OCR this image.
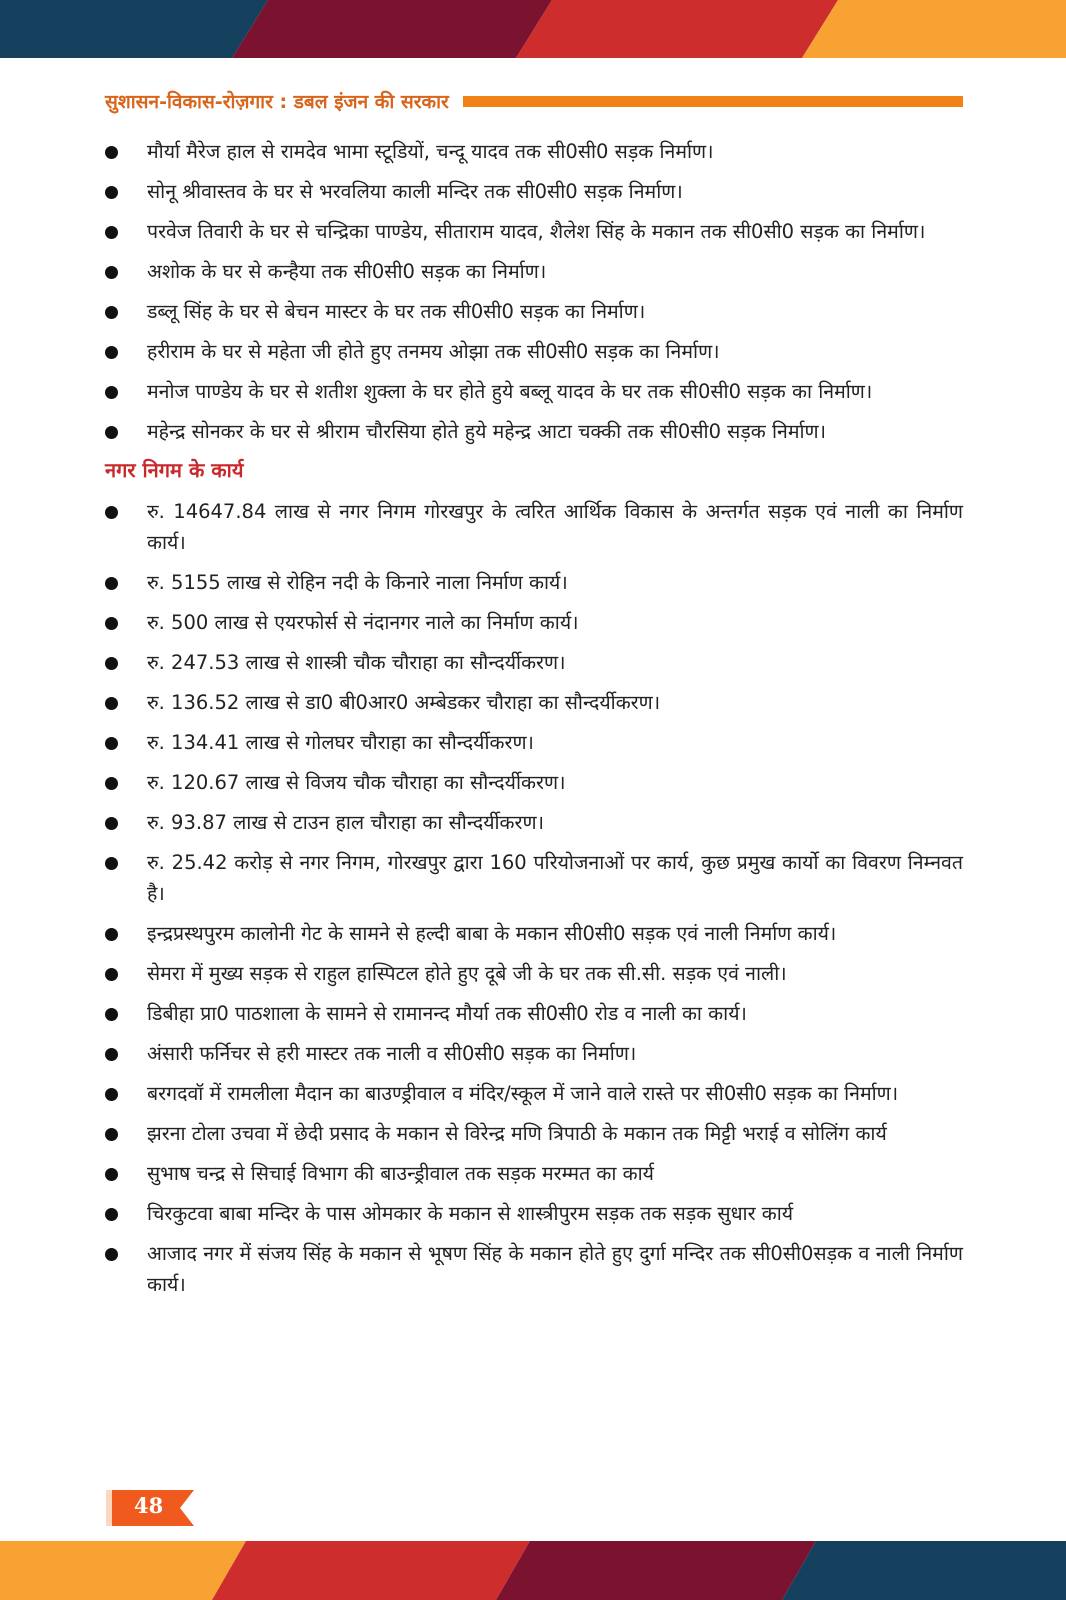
सुशासन-विकास-रोज़गार : डबल इंजन की सरकार
मौर्या मैरेज हाल से रामदेव भामा स्टूडियों, चन्दू यादव तक सी0सी0 सड़क निर्माण।
सोनू श्रीवास्तव के घर से भरवलिया काली मन्दिर तक सी0सी0 सड़क निर्माण।
परवेज तिवारी के घर से चन्द्रिका पाण्डेय, सीताराम यादव, शैलेश सिंह के मकान तक सी0सी0 सड़क का निर्माण।
अशोक के घर से कन्हैया तक सी0सी0 सड़क का निर्माण।
डब्लू सिंह के घर से बेचन मास्टर के घर तक सी0सी0 सड़क का निर्माण।
हरीराम के घर से महेता जी होते हुए तनमय ओझा तक सी0सी0 सड़क का निर्माण।
मनोज पाण्डेय के घर से शतीश शुक्ला के घर होते हुये बब्लू यादव के घर तक सी0सी0 सड़क का निर्माण।
महेन्द्र सोनकर के घर से श्रीराम चौरसिया होते हुये महेन्द्र आटा चक्की तक सी0सी0 सड़क निर्माण।
नगर निगम के कार्य
रु. 14647.84 लाख से नगर निगम गोरखपुर के त्वरित आर्थिक विकास के अन्तर्गत सड़क एवं नाली का निर्माण कार्य।
रु. 5155 लाख से रोहिन नदी के किनारे नाला निर्माण कार्य।
रु. 500 लाख से एयरफोर्स से नंदानगर नाले का निर्माण कार्य।
रु. 247.53 लाख से शास्त्री चौक चौराहा का सौन्दर्यीकरण।
रु. 136.52 लाख से डा0 बी0आर0 अम्बेडकर चौराहा का सौन्दर्यीकरण।
रु. 134.41 लाख से गोलघर चौराहा का सौन्दर्यीकरण।
रु. 120.67 लाख से विजय चौक चौराहा का सौन्दर्यीकरण।
रु. 93.87 लाख से टाउन हाल चौराहा का सौन्दर्यीकरण।
रु. 25.42 करोड़ से नगर निगम, गोरखपुर द्वारा 160 परियोजनाओं पर कार्य, कुछ प्रमुख कार्यो का विवरण निम्नवत है।
इन्द्रप्रस्थपुरम कालोनी गेट के सामने से हल्दी बाबा के मकान सी0सी0 सड़क एवं नाली निर्माण कार्य।
सेमरा में मुख्य सड़क से राहुल हास्पिटल होते हुए दूबे जी के घर तक सी.सी. सड़क एवं नाली।
डिबीहा प्रा0 पाठशाला के सामने से रामानन्द मौर्या तक सी0सी0 रोड व नाली का कार्य।
अंसारी फर्निचर से हरी मास्टर तक नाली व सी0सी0 सड़क का निर्माण।
बरगदवॉ में रामलीला मैदान का बाउण्ड्रीवाल व मंदिर/स्कूल में जाने वाले रास्ते पर सी0सी0 सड़क का निर्माण।
झरना टोला उचवा में छेदी प्रसाद के मकान से विरेन्द्र मणि त्रिपाठी के मकान तक मिट्टी भराई व सोलिंग कार्य
सुभाष चन्द्र से सिचाई विभाग की बाउन्ड्रीवाल तक सड़क मरम्मत का कार्य
चिरकुटवा बाबा मन्दिर के पास ओमकार के मकान से शास्त्रीपुरम सड़क तक सड़क सुधार कार्य
आजाद नगर में संजय सिंह के मकान से भूषण सिंह के मकान होते हुए दुर्गा मन्दिर तक सी0सी0सड़क व नाली निर्माण कार्य।
48
